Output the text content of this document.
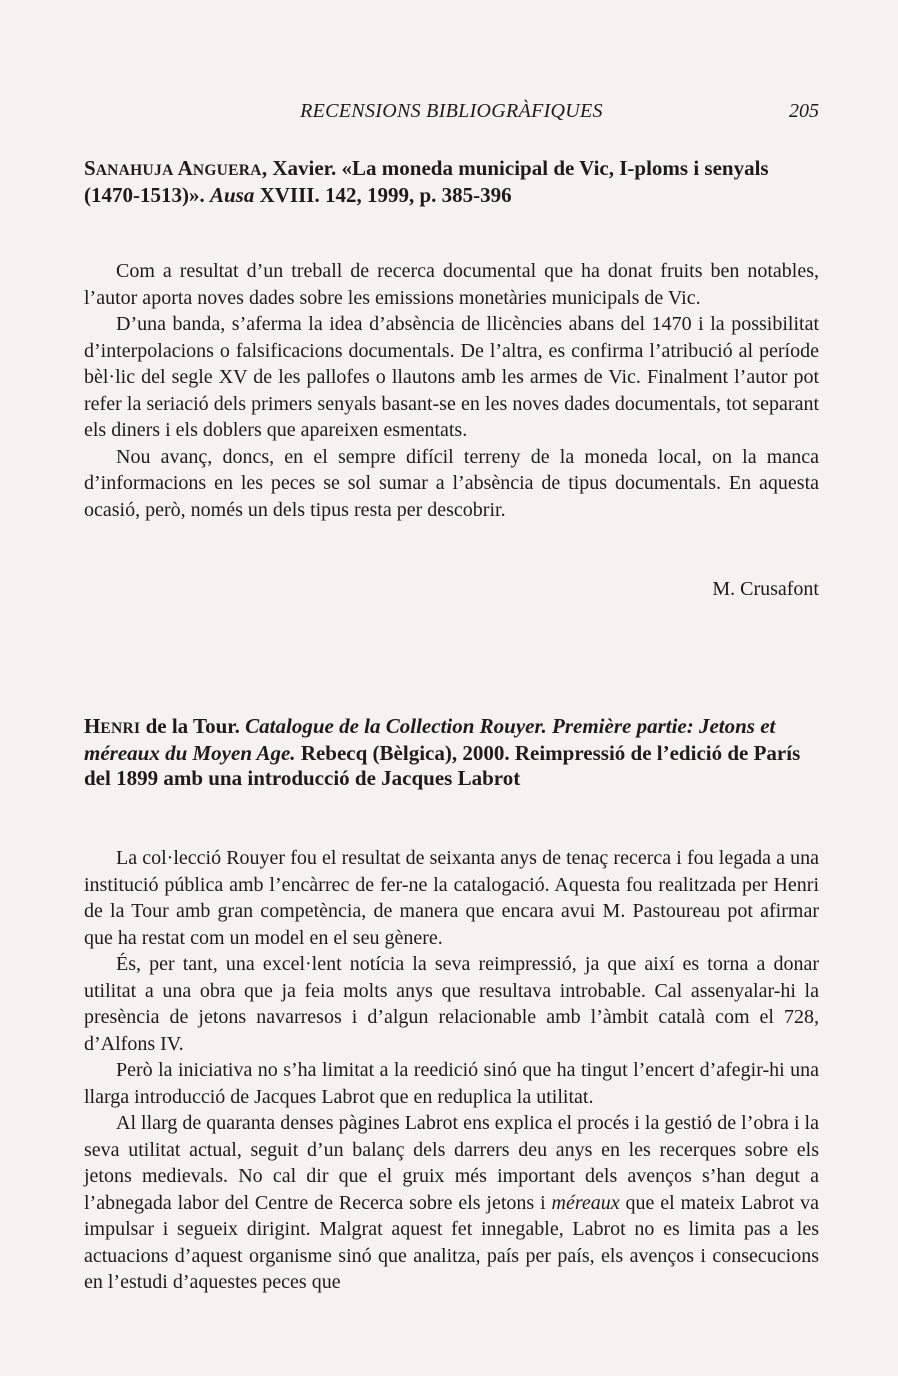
RECENSIONS BIBLIOGRÀFIQUES	205

SANAHUJA ANGUERA, Xavier. «La moneda municipal de Vic, I-ploms i senyals (1470-1513)». Ausa XVIII. 142, 1999, p. 385-396

Com a resultat d’un treball de recerca documental que ha donat fruits ben notables, l’autor aporta noves dades sobre les emissions monetàries municipals de Vic.

D’una banda, s’aferma la idea d’absència de llicències abans del 1470 i la possibilitat d’interpolacions o falsificacions documentals. De l’altra, es confirma l’atribució al període bèl·lic del segle XV de les pallofes o llautons amb les armes de Vic. Finalment l’autor pot refer la seriació dels primers senyals basant-se en les noves dades documentals, tot separant els diners i els doblers que apareixen esmentats.

Nou avanç, doncs, en el sempre difícil terreny de la moneda local, on la manca d’informacions en les peces se sol sumar a l’absència de tipus documentals. En aquesta ocasió, però, només un dels tipus resta per descobrir.

M. Crusafont

HENRI de la Tour. Catalogue de la Collection Rouyer. Première partie: Jetons et méreaux du Moyen Age. Rebecq (Bèlgica), 2000. Reimpressió de l’edició de París del 1899 amb una introducció de Jacques Labrot

La col·lecció Rouyer fou el resultat de seixanta anys de tenaç recerca i fou legada a una institució pública amb l’encàrrec de fer-ne la catalogació. Aquesta fou realitzada per Henri de la Tour amb gran competència, de manera que encara avui M. Pastoureau pot afirmar que ha restat com un model en el seu gènere.

És, per tant, una excel·lent notícia la seva reimpressió, ja que així es torna a donar utilitat a una obra que ja feia molts anys que resultava introbable. Cal assenyalar-hi la presència de jetons navarresos i d’algun relacionable amb l’àmbit català com el 728, d’Alfons IV.

Però la iniciativa no s’ha limitat a la reedició sinó que ha tingut l’encert d’afegir-hi una llarga introducció de Jacques Labrot que en reduplica la utilitat.

Al llarg de quaranta denses pàgines Labrot ens explica el procés i la gestió de l’obra i la seva utilitat actual, seguit d’un balanç dels darrers deu anys en les recerques sobre els jetons medievals. No cal dir que el gruix més important dels avenços s’han degut a l’abnegada labor del Centre de Recerca sobre els jetons i méreaux que el mateix Labrot va impulsar i segueix dirigint. Malgrat aquest fet innegable, Labrot no es limita pas a les actuacions d’aquest organisme sinó que analitza, país per país, els avenços i consecucions en l’estudi d’aquestes peces que
